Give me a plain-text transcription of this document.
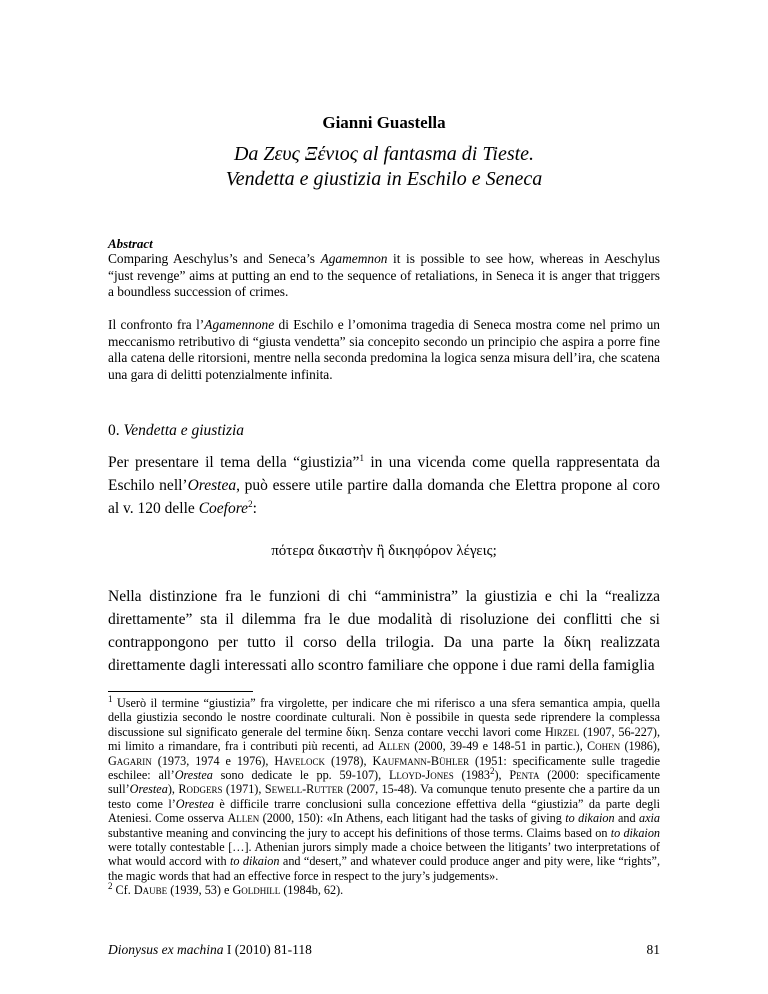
Gianni Guastella
Da Ζευς Ξένιος al fantasma di Tieste.
Vendetta e giustizia in Eschilo e Seneca
Abstract
Comparing Aeschylus’s and Seneca’s Agamemnon it is possible to see how, whereas in Aeschylus “just revenge” aims at putting an end to the sequence of retaliations, in Seneca it is anger that triggers a boundless succession of crimes.
Il confronto fra l’Agamennone di Eschilo e l’omonima tragedia di Seneca mostra come nel primo un meccanismo retributivo di “giusta vendetta” sia concepito secondo un principio che aspira a porre fine alla catena delle ritorsioni, mentre nella seconda predomina la logica senza misura dell’ira, che scatena una gara di delitti potenzialmente infinita.
0. Vendetta e giustizia
Per presentare il tema della “giustizia”$^1$ in una vicenda come quella rappresentata da Eschilo nell’Orestea, può essere utile partire dalla domanda che Elettra propone al coro al v. 120 delle Coefore$^2$:
πότερα δικαστὴν ἢ δικηφόρον λέγεις;
Nella distinzione fra le funzioni di chi “amministra” la giustizia e chi la “realizza direttamente” sta il dilemma fra le due modalità di risoluzione dei conflitti che si contrappongono per tutto il corso della trilogia. Da una parte la δίκη realizzata direttamente dagli interessati allo scontro familiare che oppone i due rami della famiglia

$^1$ Userò il termine “giustizia” fra virgolette, per indicare che mi riferisco a una sfera semantica ampia, quella della giustizia secondo le nostre coordinate culturali. Non è possibile in questa sede riprendere la complessa discussione sul significato generale del termine δίκη. Senza contare vecchi lavori come Hirzel (1907, 56-227), mi limito a rimandare, fra i contributi più recenti, ad Allen (2000, 39-49 e 148-51 in partic.), Cohen (1986), Gagarin (1973, 1974 e 1976), Havelock (1978), Kaufmann-Bühler (1951: specificamente sulle tragedie eschilee: all’Orestea sono dedicate le pp. 59-107), Lloyd-Jones (1983$^2$), Penta (2000: specificamente sull’Orestea), Rodgers (1971), Sewell-Rutter (2007, 15-48). Va comunque tenuto presente che a partire da un testo come l’Orestea è difficile trarre conclusioni sulla concezione effettiva della “giustizia” da parte degli Ateniesi. Come osserva Allen (2000, 150): «In Athens, each litigant had the tasks of giving to dikaion and axia substantive meaning and convincing the jury to accept his definitions of those terms. Claims based on to dikaion were totally contestable […]. Athenian jurors simply made a choice between the litigants’ two interpretations of what would accord with to dikaion and “desert,” and whatever could produce anger and pity were, like “rights”, the magic words that had an effective force in respect to the jury’s judgements».

$^2$ Cf. Daube (1939, 53) e Goldhill (1984b, 62).

Dionysus ex machina I (2010) 81-118	81
